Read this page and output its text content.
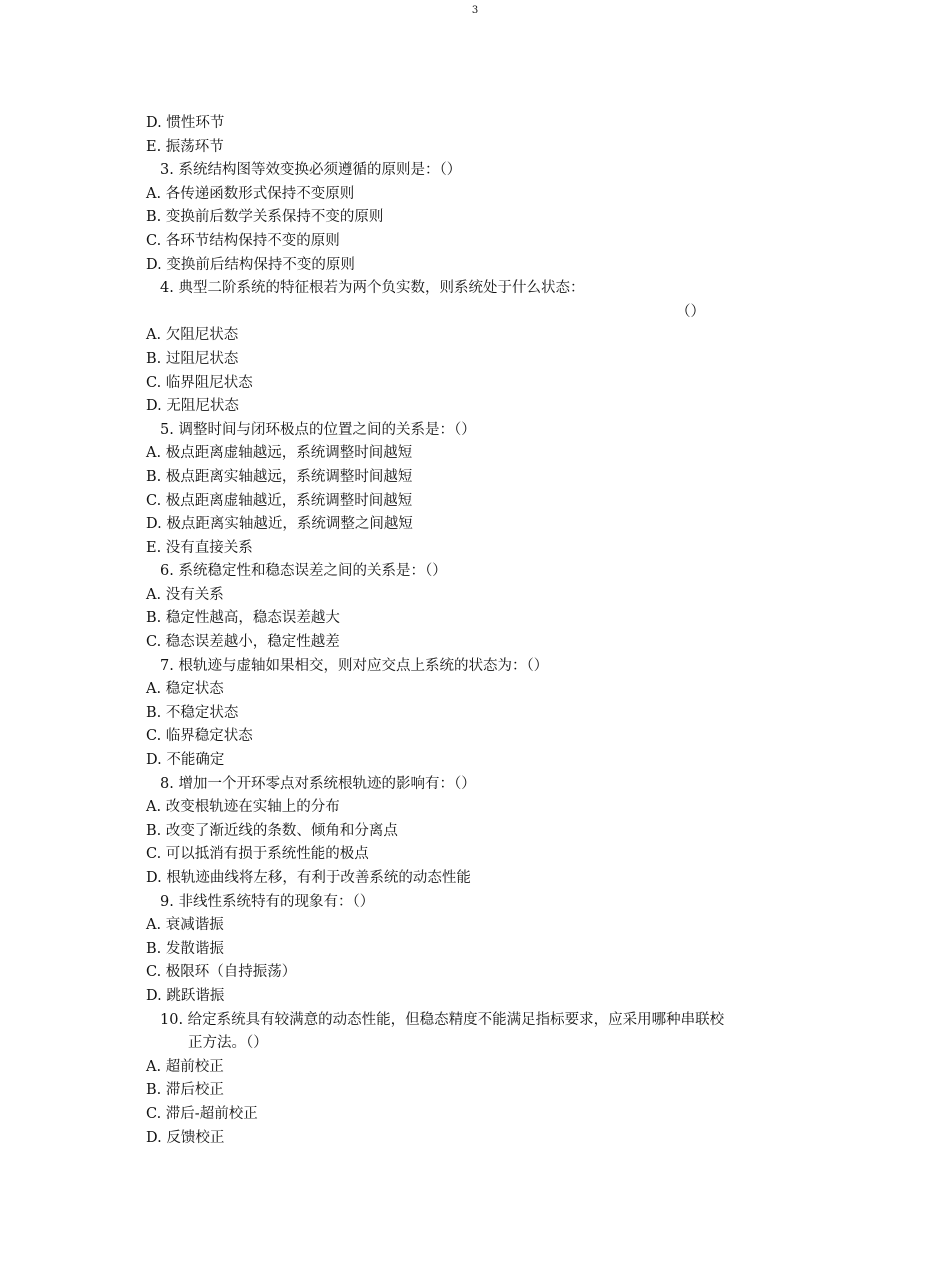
3
D. 惯性环节
E. 振荡环节
3. 系统结构图等效变换必须遵循的原则是：（）
A. 各传递函数形式保持不变原则
B. 变换前后数学关系保持不变的原则
C. 各环节结构保持不变的原则
D. 变换前后结构保持不变的原则
4. 典型二阶系统的特征根若为两个负实数，则系统处于什么状态：
（）
A. 欠阻尼状态
B. 过阻尼状态
C. 临界阻尼状态
D. 无阻尼状态
5. 调整时间与闭环极点的位置之间的关系是：（）
A. 极点距离虚轴越远，系统调整时间越短
B. 极点距离实轴越远，系统调整时间越短
C. 极点距离虚轴越近，系统调整时间越短
D. 极点距离实轴越近，系统调整之间越短
E. 没有直接关系
6. 系统稳定性和稳态误差之间的关系是：（）
A. 没有关系
B. 稳定性越高，稳态误差越大
C. 稳态误差越小，稳定性越差
7. 根轨迹与虚轴如果相交，则对应交点上系统的状态为：（）
A. 稳定状态
B. 不稳定状态
C. 临界稳定状态
D. 不能确定
8. 增加一个开环零点对系统根轨迹的影响有：（）
A. 改变根轨迹在实轴上的分布
B. 改变了渐近线的条数、倾角和分离点
C. 可以抵消有损于系统性能的极点
D. 根轨迹曲线将左移，有利于改善系统的动态性能
9. 非线性系统特有的现象有：（）
A. 衰减谐振
B. 发散谐振
C. 极限环（自持振荡）
D. 跳跃谐振
10. 给定系统具有较满意的动态性能，但稳态精度不能满足指标要求，应采用哪种串联校
正方法。（）
A. 超前校正
B. 滞后校正
C. 滞后-超前校正
D. 反馈校正
